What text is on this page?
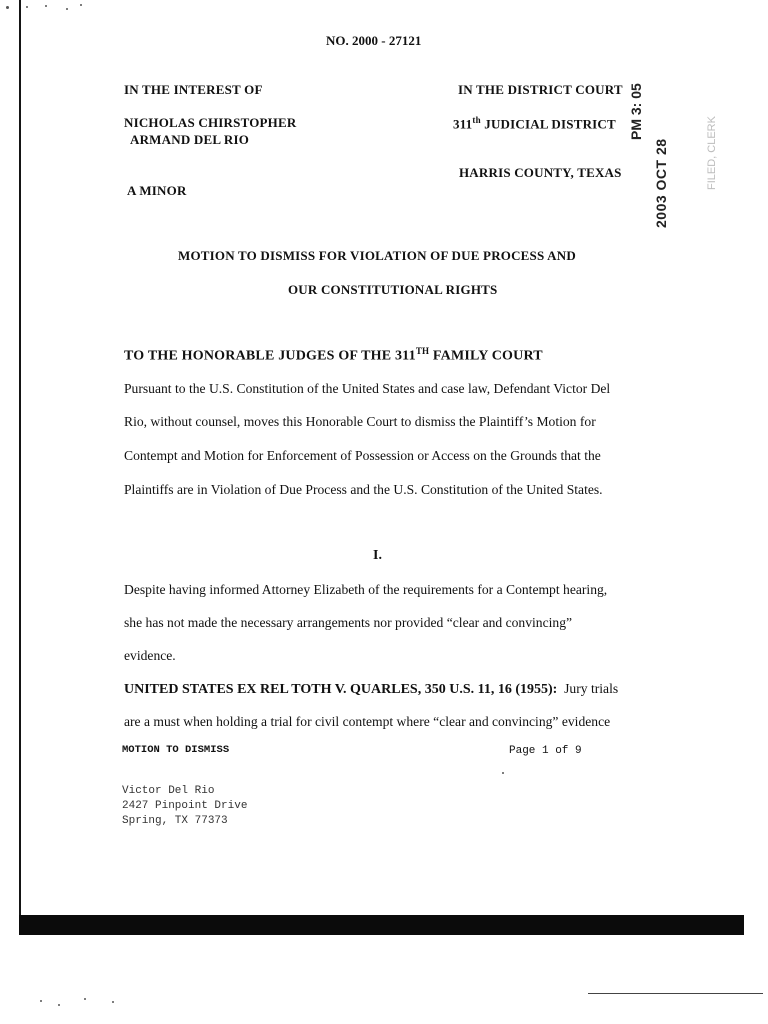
NO. 2000 - 27121
IN THE INTEREST OF
NICHOLAS CHIRSTOPHER
ARMAND DEL RIO
A MINOR
IN THE DISTRICT COURT
311th JUDICIAL DISTRICT
HARRIS COUNTY, TEXAS
PM 3: 05
2003 OCT 28	FILED, CLERK
MOTION TO DISMISS FOR VIOLATION OF DUE PROCESS AND
OUR CONSTITUTIONAL RIGHTS
TO THE HONORABLE JUDGES OF THE 311TH FAMILY COURT
Pursuant to the U.S. Constitution of the United States and case law, Defendant Victor Del
Rio, without counsel, moves this Honorable Court to dismiss the Plaintiff’s Motion for
Contempt and Motion for Enforcement of Possession or Access on the Grounds that the
Plaintiffs are in Violation of Due Process and the U.S. Constitution of the United States.
I.
Despite having informed Attorney Elizabeth of the requirements for a Contempt hearing,
she has not made the necessary arrangements nor provided “clear and convincing”
evidence.
UNITED STATES EX REL TOTH V. QUARLES, 350 U.S. 11, 16 (1955):  Jury trials
are a must when holding a trial for civil contempt where “clear and convincing” evidence
MOTION TO DISMISS	Page 1 of 9
Victor Del Rio
2427 Pinpoint Drive
Spring, TX 77373
